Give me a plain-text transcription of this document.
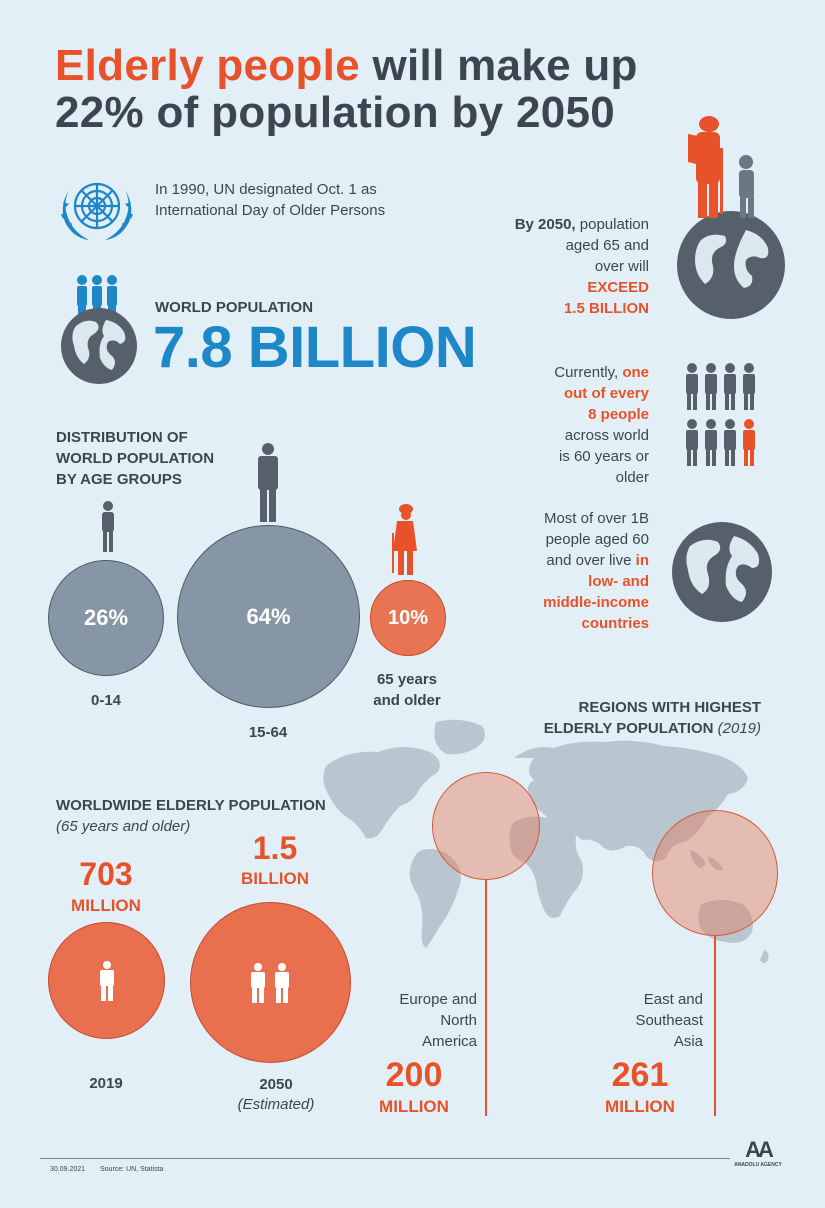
Elderly people will make up
22% of population by 2050
In 1990, UN designated Oct. 1 as
International Day of Older Persons
WORLD POPULATION
7.8 BILLION
By 2050, population
aged 65 and
over will
EXCEED
1.5 BILLION
Currently, one
out of every
8 people
across world
is 60 years or
older
Most of over 1B
people aged 60
and over live in
low- and
middle-income
countries
DISTRIBUTION OF
WORLD POPULATION
BY AGE GROUPS
26%	64%	10%
0-14
15-64
65 years
and older	REGIONS WITH HIGHEST
ELDERLY POPULATION (2019)
Europe and
North
America
200
MILLION
East and
Southeast
Asia
261
MILLION
WORLDWIDE ELDERLY POPULATION
(65 years and older)
703
MILLION
1.5
BILLION
2019	2050
(Estimated)
30.09.2021 Source: UN, Statista
AA
ANADOLU AGENCY
